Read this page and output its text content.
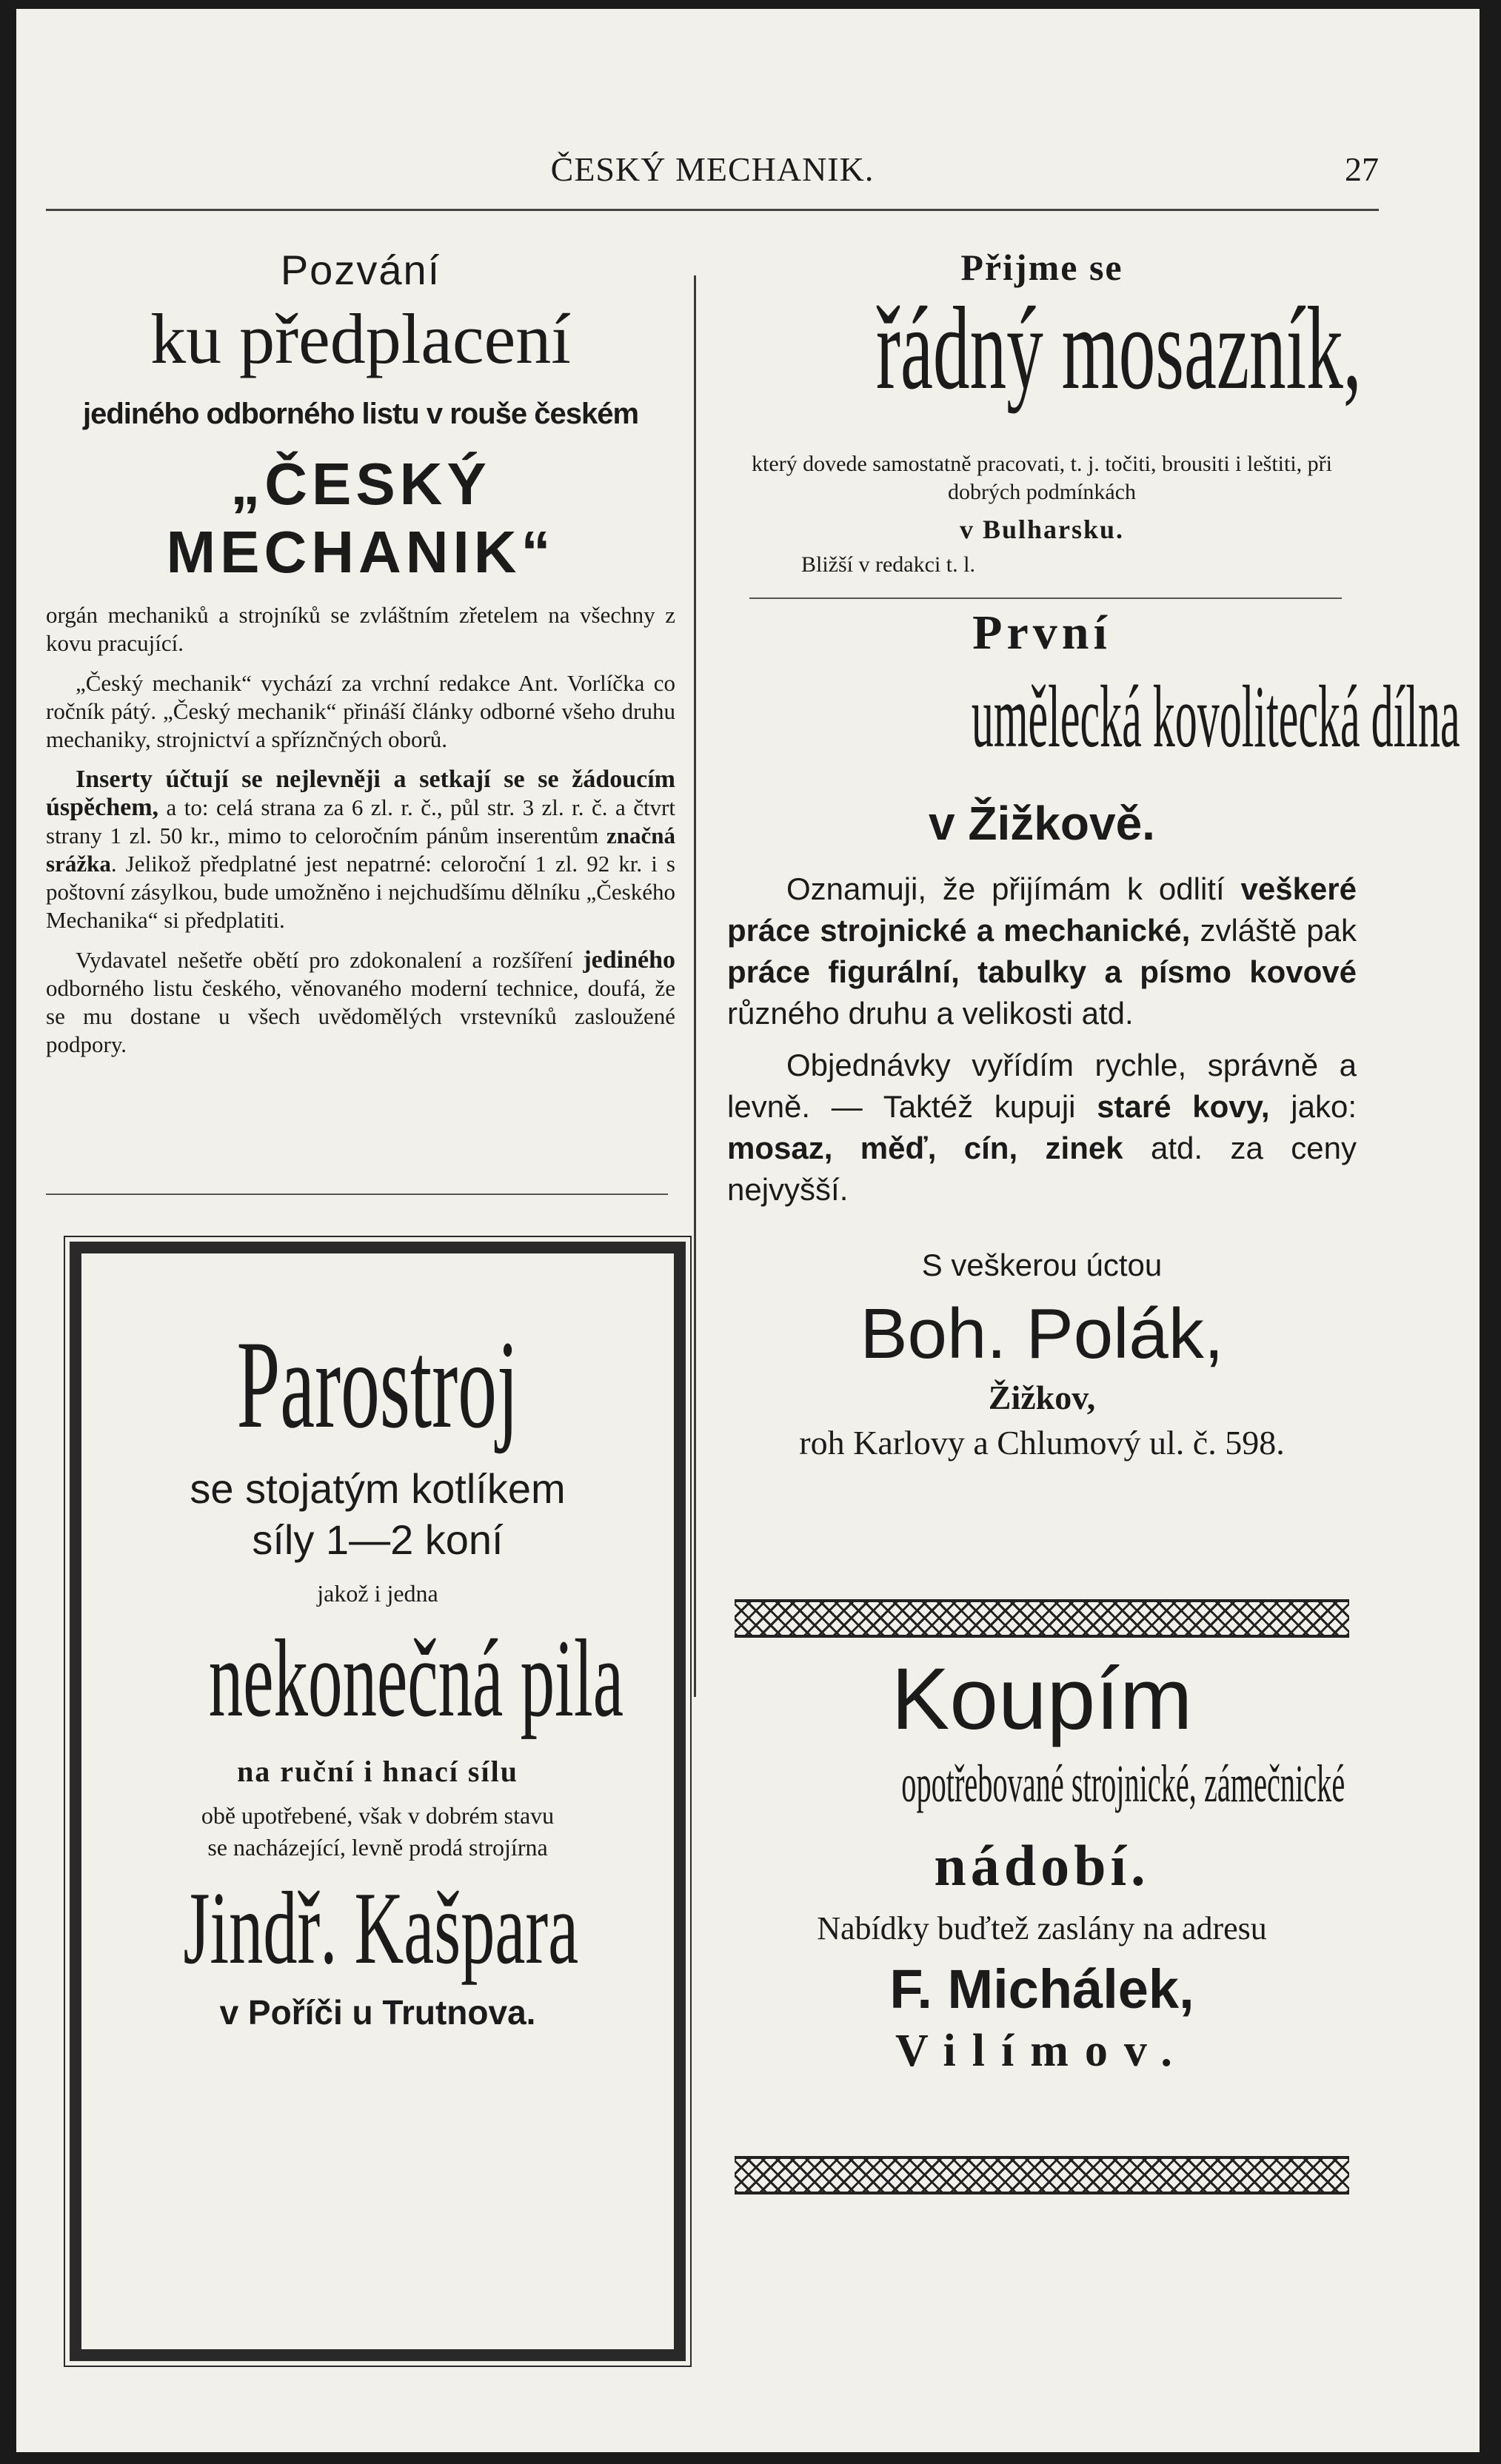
ČESKÝ MECHANIK.	27
Pozvání
ku předplacení
jediného odborného listu v rouše českém
„ČESKÝ MECHANIK“
orgán mechaniků a strojníků se zvláštním zřetelem na všechny z kovu pracující.
„Český mechanik“ vychází za vrchní redakce Ant. Vorlíčka co ročník pátý. „Český mechanik“ přináší články odborné všeho druhu mechaniky, strojnictví a spříznčných oborů.
Inserty účtují se nejlevněji a setkají se se žádoucím úspěchem, a to: celá strana za 6 zl. r. č., půl str. 3 zl. r. č. a čtvrt strany 1 zl. 50 kr., mimo to celoročním pánům inserentům značná srážka. Jelikož předplatné jest nepatrné: celoroční 1 zl. 92 kr. i s poštovní zásylkou, bude umožněno i nejchudšímu dělníku „Českého Mechanika“ si předplatiti.
Vydavatel nešetře obětí pro zdokonalení a rozšíření jediného odborného listu českého, věnovaného moderní technice, doufá, že se mu dostane u všech uvědomělých vrstevníků zasloužené podpory.
Parostroj
se stojatým kotlíkem
síly 1—2 koní
jakož i jedna
nekonečná pila
na ruční i hnací sílu
obě upotřebené, však v dobrém stavu
se nacházející, levně prodá strojírna
Jindř. Kašpara
v Poříči u Trutnova.
Přijme se
řádný mosazník,
který dovede samostatně pracovati, t. j. točiti, brousiti i leštiti, při dobrých podmínkách
v Bulharsku.
Bližší v redakci t. l.
První
umělecká kovolitecká dílna
v Žižkově.
Oznamuji, že přijímám k odlití veškeré práce strojnické a mechanické, zvláště pak práce figurální, tabulky a písmo kovové různého druhu a velikosti atd.
Objednávky vyřídím rychle, správně a levně. — Taktéž kupuji staré kovy, jako: mosaz, měď, cín, zinek atd. za ceny nejvyšší.
S veškerou úctou
Boh. Polák,
Žižkov,
roh Karlovy a Chlumový ul. č. 598.
Koupím
opotřebované strojnické, zámečnické
nádobí.
Nabídky buďtež zaslány na adresu
F. Michálek,
Vilímov.
